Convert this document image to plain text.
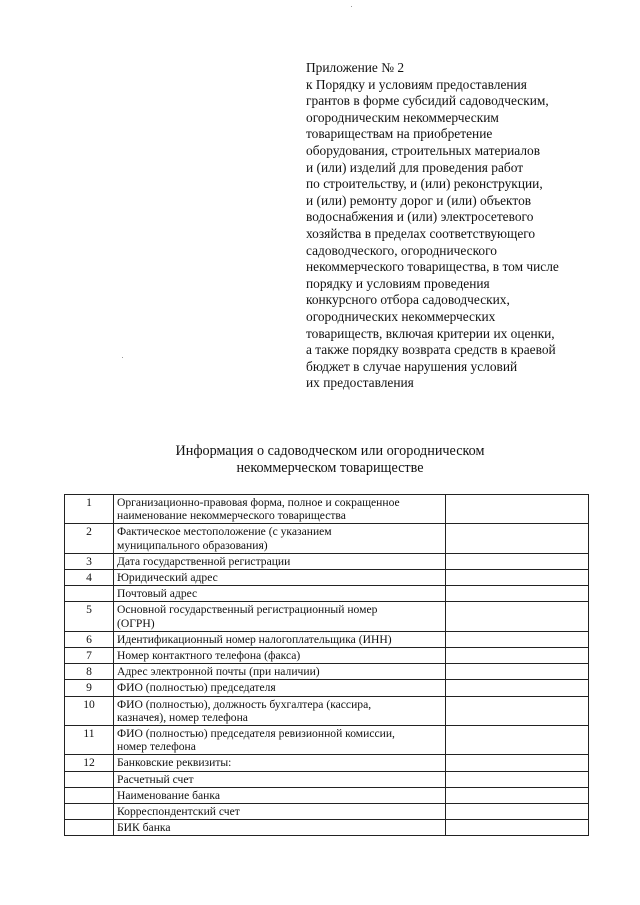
Приложение № 2
к Порядку и условиям предоставления
грантов в форме субсидий садоводческим,
огородническим некоммерческим
товариществам на приобретение
оборудования, строительных материалов
и (или) изделий для проведения работ
по строительству, и (или) реконструкции,
и (или) ремонту дорог и (или) объектов
водоснабжения и (или) электросетевого
хозяйства в пределах соответствующего
садоводческого, огороднического
некоммерческого товарищества, в том числе
порядку и условиям проведения
конкурсного отбора садоводческих,
огороднических некоммерческих
товариществ, включая критерии их оценки,
а также порядку возврата средств в краевой
бюджет в случае нарушения условий
их предоставления
Информация о садоводческом или огородническом
некоммерческом товариществе
1	Организационно-правовая форма, полное и сокращенное
наименование некоммерческого товарищества	

2	Фактическое местоположение (с указанием
муниципального образования)	

3	Дата государственной регистрации	

4	Юридический адрес	

	Почтовый адрес	

5	Основной государственный регистрационный номер
(ОГРН)	

6	Идентификационный номер налогоплательщика (ИНН)	

7	Номер контактного телефона (факса)	

8	Адрес электронной почты (при наличии)	

9	ФИО (полностью) председателя	

10	ФИО (полностью), должность бухгалтера (кассира,
казначея), номер телефона	

11	ФИО (полностью) председателя ревизионной комиссии,
номер телефона	

12	Банковские реквизиты:	

	Расчетный счет	

	Наименование банка	

	Корреспондентский счет	

	БИК банка	
